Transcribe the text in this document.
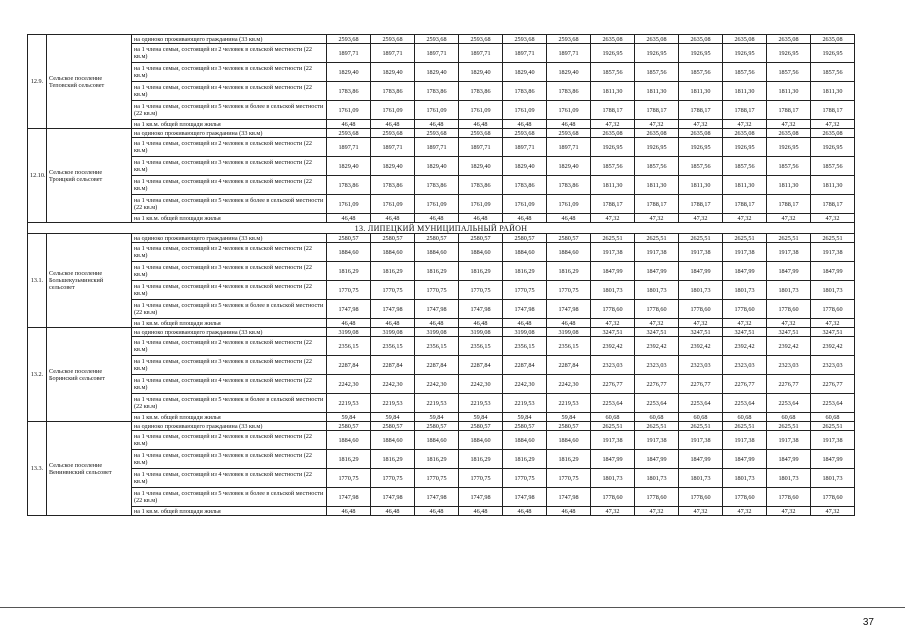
12.9.	Сельское поселение Теповский сельсовет	на одиноко проживающего гражданина (33 кв.м)	2593,68	2593,68	2593,68	2593,68	2593,68	2593,68	2635,08	2635,08	2635,08	2635,08	2635,08	2635,08
		на 1 члена семьи, состоящей из 2 человек в сельской местности (22 кв.м)	1897,71	1897,71	1897,71	1897,71	1897,71	1897,71	1926,95	1926,95	1926,95	1926,95	1926,95	1926,95
		на 1 члена семьи, состоящей из 3 человек в сельской местности (22 кв.м)	1829,40	1829,40	1829,40	1829,40	1829,40	1829,40	1857,56	1857,56	1857,56	1857,56	1857,56	1857,56
		на 1 члена семьи, состоящей из 4 человек в сельской местности (22 кв.м)	1783,86	1783,86	1783,86	1783,86	1783,86	1783,86	1811,30	1811,30	1811,30	1811,30	1811,30	1811,30
		на 1 члена семьи, состоящей из 5 человек и более в сельской местности (22 кв.м)	1761,09	1761,09	1761,09	1761,09	1761,09	1761,09	1788,17	1788,17	1788,17	1788,17	1788,17	1788,17
		на 1 кв.м. общей площади жилья	46,48	46,48	46,48	46,48	46,48	46,48	47,32	47,32	47,32	47,32	47,32	47,32
12.10.	Сельское поселение Троицкий сельсовет	на одиноко проживающего гражданина (33 кв.м)	2593,68	2593,68	2593,68	2593,68	2593,68	2593,68	2635,08	2635,08	2635,08	2635,08	2635,08	2635,08
		на 1 члена семьи, состоящей из 2 человек в сельской местности (22 кв.м)	1897,71	1897,71	1897,71	1897,71	1897,71	1897,71	1926,95	1926,95	1926,95	1926,95	1926,95	1926,95
		на 1 члена семьи, состоящей из 3 человек в сельской местности (22 кв.м)	1829,40	1829,40	1829,40	1829,40	1829,40	1829,40	1857,56	1857,56	1857,56	1857,56	1857,56	1857,56
		на 1 члена семьи, состоящей из 4 человек в сельской местности (22 кв.м)	1783,86	1783,86	1783,86	1783,86	1783,86	1783,86	1811,30	1811,30	1811,30	1811,30	1811,30	1811,30
		на 1 члена семьи, состоящей из 5 человек и более в сельской местности (22 кв.м)	1761,09	1761,09	1761,09	1761,09	1761,09	1761,09	1788,17	1788,17	1788,17	1788,17	1788,17	1788,17
		на 1 кв.м. общей площади жилья	46,48	46,48	46,48	46,48	46,48	46,48	47,32	47,32	47,32	47,32	47,32	47,32
13. ЛИПЕЦКИЙ МУНИЦИПАЛЬНЫЙ РАЙОН														
13.1.	Сельское поселение Большекузьминский сельсовет	на одиноко проживающего гражданина (33 кв.м)	2580,57	2580,57	2580,57	2580,57	2580,57	2580,57	2625,51	2625,51	2625,51	2625,51	2625,51	2625,51
		на 1 члена семьи, состоящей из 2 человек в сельской местности (22 кв.м)	1884,60	1884,60	1884,60	1884,60	1884,60	1884,60	1917,38	1917,38	1917,38	1917,38	1917,38	1917,38
		на 1 члена семьи, состоящей из 3 человек в сельской местности (22 кв.м)	1816,29	1816,29	1816,29	1816,29	1816,29	1816,29	1847,99	1847,99	1847,99	1847,99	1847,99	1847,99
		на 1 члена семьи, состоящей из 4 человек в сельской местности (22 кв.м)	1770,75	1770,75	1770,75	1770,75	1770,75	1770,75	1801,73	1801,73	1801,73	1801,73	1801,73	1801,73
		на 1 члена семьи, состоящей из 5 человек и более в сельской местности (22 кв.м)	1747,98	1747,98	1747,98	1747,98	1747,98	1747,98	1778,60	1778,60	1778,60	1778,60	1778,60	1778,60
		на 1 кв.м. общей площади жилья	46,48	46,48	46,48	46,48	46,48	46,48	47,32	47,32	47,32	47,32	47,32	47,32
13.2.	Сельское поселение Боринский сельсовет	на одиноко проживающего гражданина (33 кв.м)	3199,08	3199,08	3199,08	3199,08	3199,08	3199,08	3247,51	3247,51	3247,51	3247,51	3247,51	3247,51
		на 1 члена семьи, состоящей из 2 человек в сельской местности (22 кв.м)	2356,15	2356,15	2356,15	2356,15	2356,15	2356,15	2392,42	2392,42	2392,42	2392,42	2392,42	2392,42
		на 1 члена семьи, состоящей из 3 человек в сельской местности (22 кв.м)	2287,84	2287,84	2287,84	2287,84	2287,84	2287,84	2323,03	2323,03	2323,03	2323,03	2323,03	2323,03
		на 1 члена семьи, состоящей из 4 человек в сельской местности (22 кв.м)	2242,30	2242,30	2242,30	2242,30	2242,30	2242,30	2276,77	2276,77	2276,77	2276,77	2276,77	2276,77
		на 1 члена семьи, состоящей из 5 человек и более в сельской местности (22 кв.м)	2219,53	2219,53	2219,53	2219,53	2219,53	2219,53	2253,64	2253,64	2253,64	2253,64	2253,64	2253,64
		на 1 кв.м. общей площади жилья	59,84	59,84	59,84	59,84	59,84	59,84	60,68	60,68	60,68	60,68	60,68	60,68
13.3.	Сельское поселение Венинвнский сельсовет	на одиноко проживающего гражданина (33 кв.м)	2580,57	2580,57	2580,57	2580,57	2580,57	2580,57	2625,51	2625,51	2625,51	2625,51	2625,51	2625,51
		на 1 члена семьи, состоящей из 2 человек в сельской местности (22 кв.м)	1884,60	1884,60	1884,60	1884,60	1884,60	1884,60	1917,38	1917,38	1917,38	1917,38	1917,38	1917,38
		на 1 члена семьи, состоящей из 3 человек в сельской местности (22 кв.м)	1816,29	1816,29	1816,29	1816,29	1816,29	1816,29	1847,99	1847,99	1847,99	1847,99	1847,99	1847,99
		на 1 члена семьи, состоящей из 4 человек в сельской местности (22 кв.м)	1770,75	1770,75	1770,75	1770,75	1770,75	1770,75	1801,73	1801,73	1801,73	1801,73	1801,73	1801,73
		на 1 члена семьи, состоящей из 5 человек и более в сельской местности (22 кв.м)	1747,98	1747,98	1747,98	1747,98	1747,98	1747,98	1778,60	1778,60	1778,60	1778,60	1778,60	1778,60
		на 1 кв.м. общей площади жилья	46,48	46,48	46,48	46,48	46,48	46,48	47,32	47,32	47,32	47,32	47,32	47,32
37
